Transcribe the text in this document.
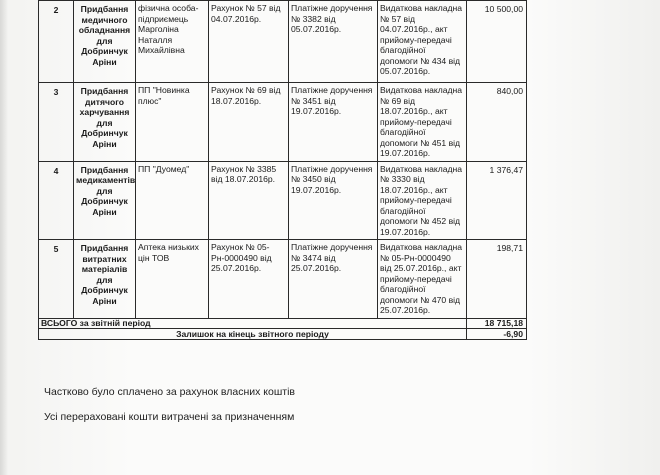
2	Придбання медичного обладнання для Добринчук Аріни	фізична особа-підприємець Марголіна Наталля Михайлівна	Рахунок № 57 від 04.07.2016р.	Платіжне доручення № 3382 від 05.07.2016р.	Видаткова накладна № 57 від 04.07.2016р., акт прийому-передачі благодійної допомоги № 434 від 05.07.2016р.	10 500,00
3	Придбання дитячого харчування для Добринчук Аріни	ПП "Новинка плюс"	Рахунок № 69 від 18.07.2016р.	Платіжне доручення № 3451 від 19.07.2016р.	Видаткова накладна № 69 від 18.07.2016р., акт прийому-передачі благодійної допомоги № 451 від 19.07.2016р.	840,00
4	Придбання медикаментів для Добринчук Аріни	ПП "Дуомед"	Рахунок № 3385 від 18.07.2016р.	Платіжне доручення № 3450 від 19.07.2016р.	Видаткова накладна № 3330 від 18.07.2016р., акт прийому-передачі благодійної допомоги № 452 від 19.07.2016р.	1 376,47
5	Придбання витратних матеріалів для Добринчук Аріни	Аптека низьких цін ТОВ	Рахунок № 05-Рн-0000490 від 25.07.2016р.	Платіжне доручення № 3474 від 25.07.2016р.	Видаткова накладна № 05-Рн-0000490 від 25.07.2016р., акт прийому-передачі благодійної допомоги № 470 від 25.07.2016р.	198,71
ВСЬОГО за звітній період						18 715,18
Залишок на кінець звітного періоду						-6,90
Частково було сплачено за рахунок власних коштів
Усі перераховані кошти витрачені за призначенням
